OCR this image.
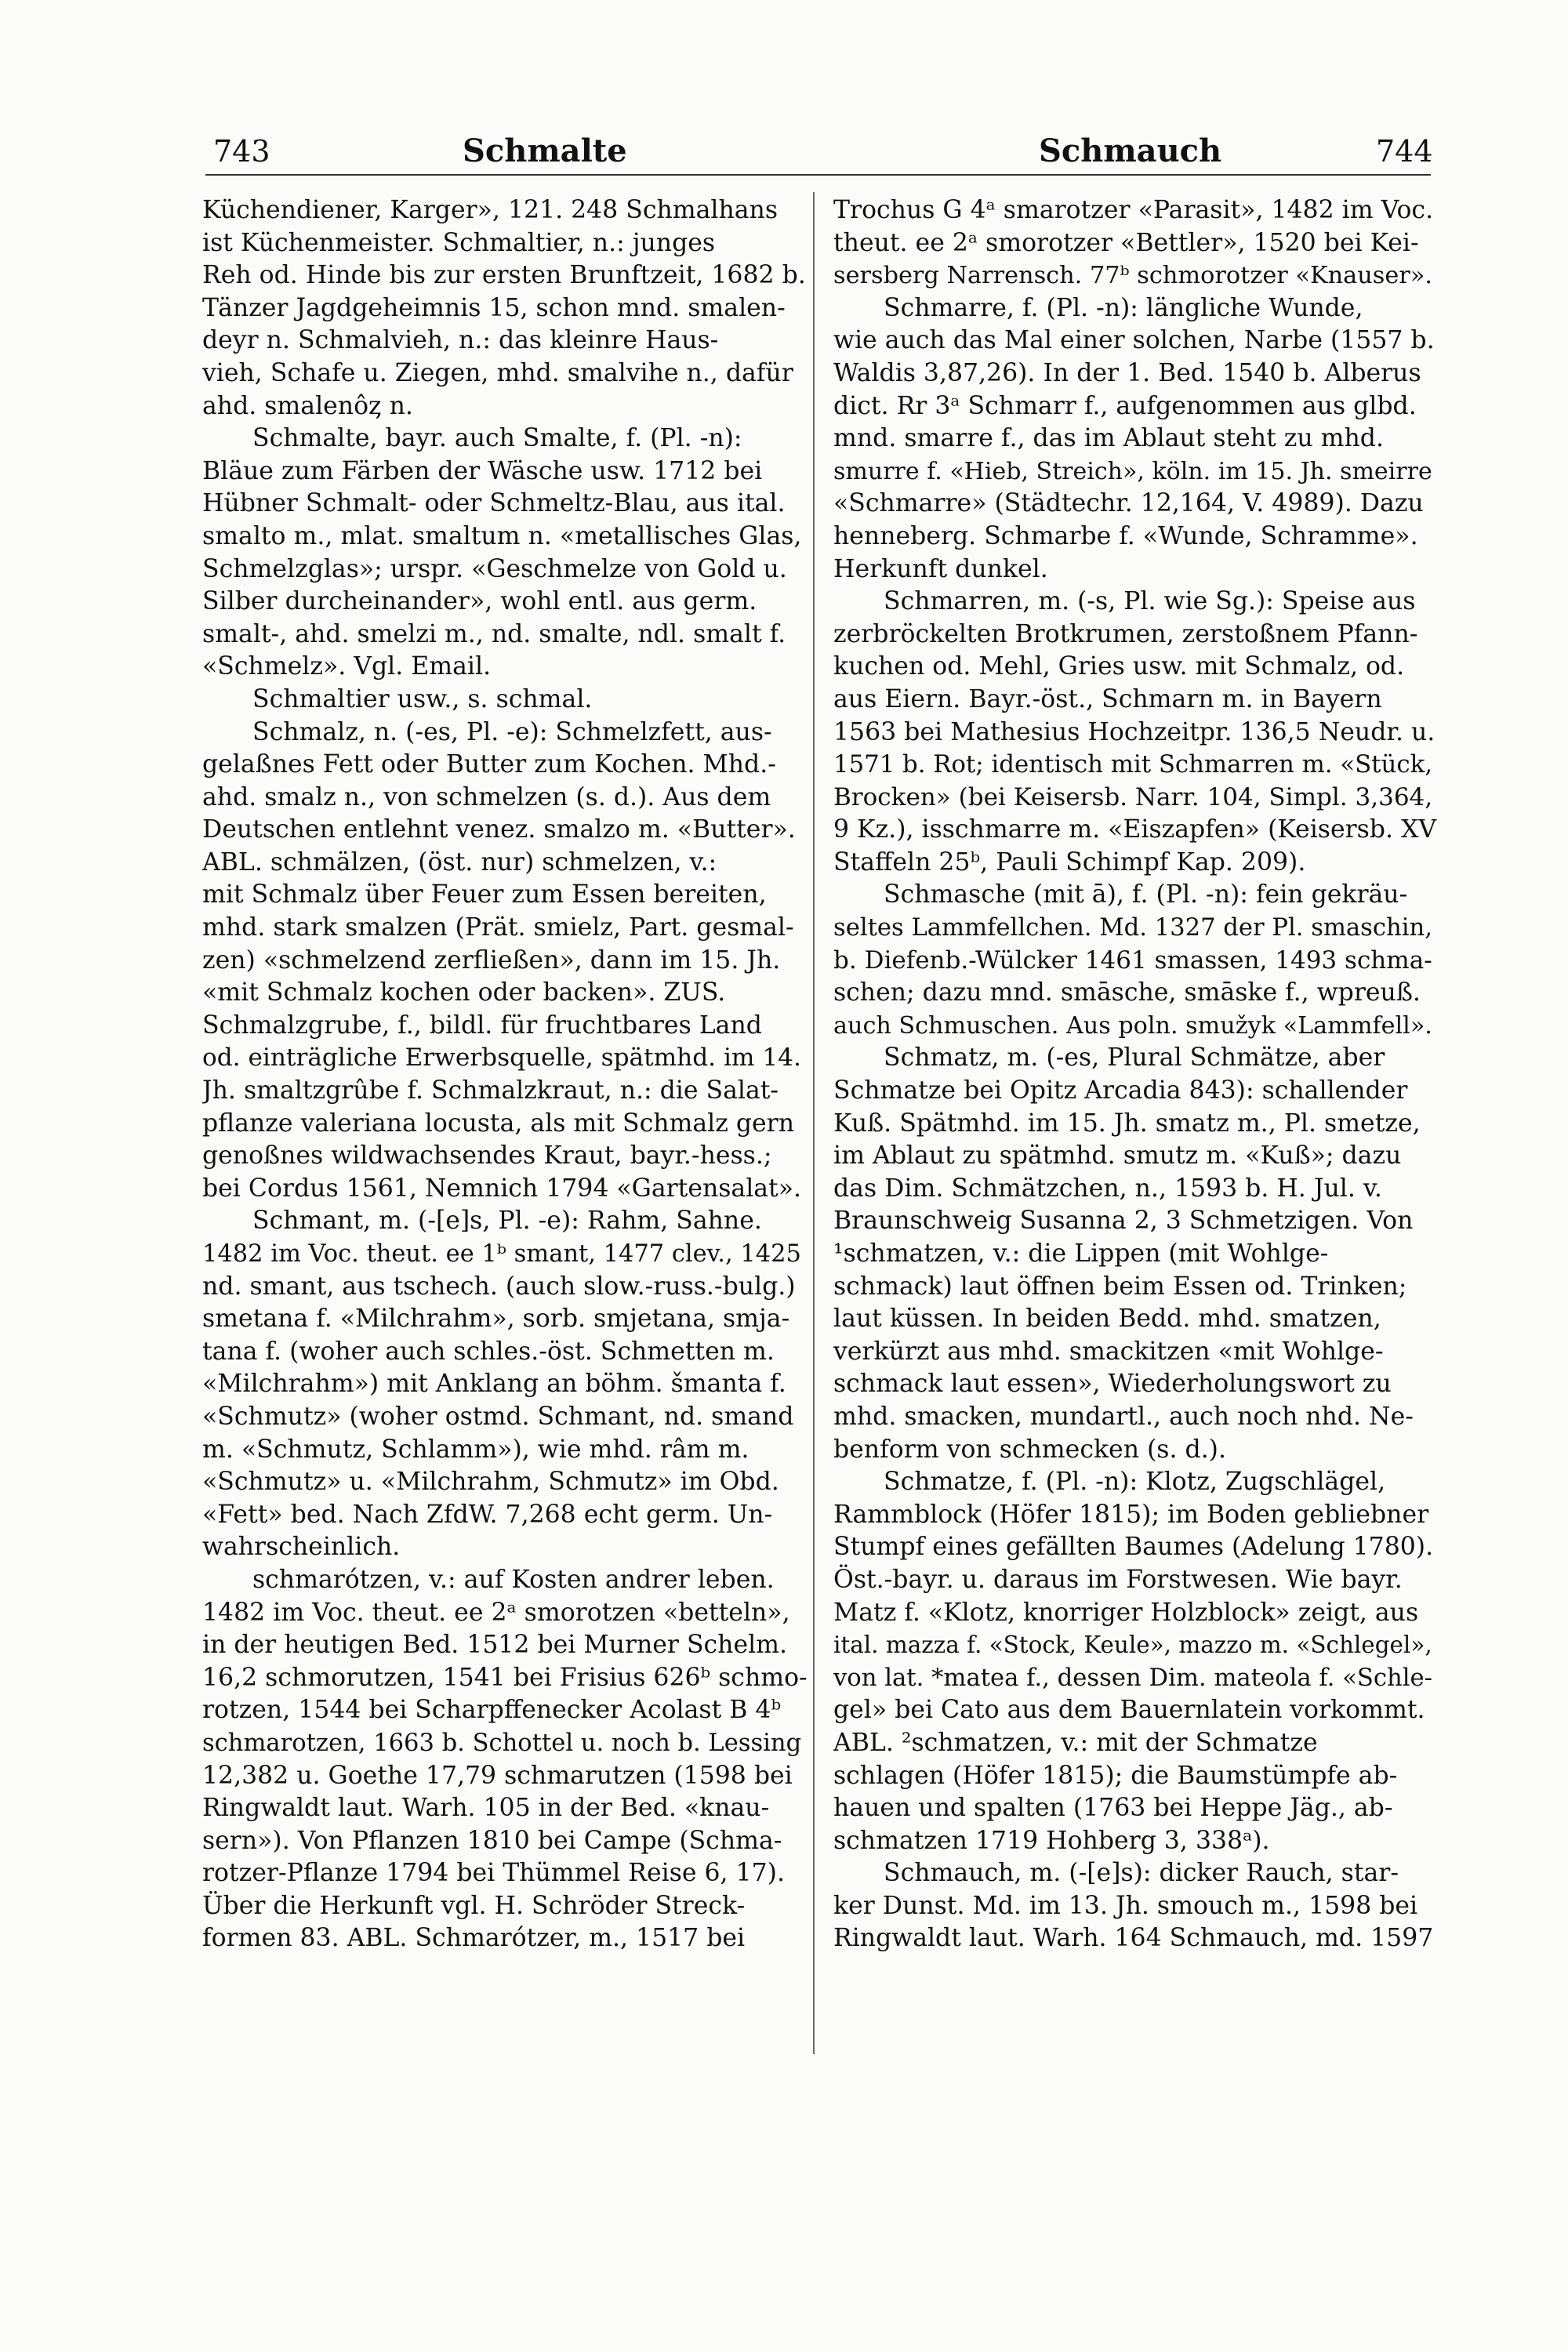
743	Schmalte	Schmauch	744
Küchendiener, Karger», 121. 248 Schmalhans
ist Küchenmeister. Schmaltier, n.: junges
Reh od. Hinde bis zur ersten Brunftzeit, 1682 b.
Tänzer Jagdgeheimnis 15, schon mnd. smalen-
deyr n. Schmalvieh, n.: das kleinre Haus-
vieh, Schafe u. Ziegen, mhd. smalvihe n., dafür
ahd. smalenôȥ n.
Schmalte, bayr. auch Smalte, f. (Pl. -n):
Bläue zum Färben der Wäsche usw. 1712 bei
Hübner Schmalt- oder Schmeltz-Blau, aus ital.
smalto m., mlat. smaltum n. «metallisches Glas,
Schmelzglas»; urspr. «Geschmelze von Gold u.
Silber durcheinander», wohl entl. aus germ.
smalt-, ahd. smelzi m., nd. smalte, ndl. smalt f.
«Schmelz». Vgl. Email.
Schmaltier usw., s. schmal.
Schmalz, n. (-es, Pl. -e): Schmelzfett, aus-
gelaßnes Fett oder Butter zum Kochen. Mhd.-
ahd. smalz n., von schmelzen (s. d.). Aus dem
Deutschen entlehnt venez. smalzo m. «Butter».
ABL. schmälzen, (öst. nur) schmelzen, v.:
mit Schmalz über Feuer zum Essen bereiten,
mhd. stark smalzen (Prät. smielz, Part. gesmal-
zen) «schmelzend zerfließen», dann im 15. Jh.
«mit Schmalz kochen oder backen». ZUS.
Schmalzgrube, f., bildl. für fruchtbares Land
od. einträgliche Erwerbsquelle, spätmhd. im 14.
Jh. smaltzgrûbe f. Schmalzkraut, n.: die Salat-
pflanze valeriana locusta, als mit Schmalz gern
genoßnes wildwachsendes Kraut, bayr.-hess.;
bei Cordus 1561, Nemnich 1794 «Gartensalat».
Schmant, m. (-[e]s, Pl. -e): Rahm, Sahne.
1482 im Voc. theut. ee 1ᵇ smant, 1477 clev., 1425
nd. smant, aus tschech. (auch slow.-russ.-bulg.)
smetana f. «Milchrahm», sorb. smjetana, smja-
tana f. (woher auch schles.-öst. Schmetten m.
«Milchrahm») mit Anklang an böhm. šmanta f.
«Schmutz» (woher ostmd. Schmant, nd. smand
m. «Schmutz, Schlamm»), wie mhd. râm m.
«Schmutz» u. «Milchrahm, Schmutz» im Obd.
«Fett» bed. Nach ZfdW. 7,268 echt germ. Un-
wahrscheinlich.
schmarótzen, v.: auf Kosten andrer leben.
1482 im Voc. theut. ee 2ᵃ smorotzen «betteln»,
in der heutigen Bed. 1512 bei Murner Schelm.
16,2 schmorutzen, 1541 bei Frisius 626ᵇ schmo-
rotzen, 1544 bei Scharpffenecker Acolast B 4ᵇ
schmarotzen, 1663 b. Schottel u. noch b. Lessing
12,382 u. Goethe 17,79 schmarutzen (1598 bei
Ringwaldt laut. Warh. 105 in der Bed. «knau-
sern»). Von Pflanzen 1810 bei Campe (Schma-
rotzer-Pflanze 1794 bei Thümmel Reise 6, 17).
Über die Herkunft vgl. H. Schröder Streck-
formen 83. ABL. Schmarótzer, m., 1517 bei
Trochus G 4ᵃ smarotzer «Parasit», 1482 im Voc.
theut. ee 2ᵃ smorotzer «Bettler», 1520 bei Kei-
sersberg Narrensch. 77ᵇ schmorotzer «Knauser».
Schmarre, f. (Pl. -n): längliche Wunde,
wie auch das Mal einer solchen, Narbe (1557 b.
Waldis 3,87,26). In der 1. Bed. 1540 b. Alberus
dict. Rr 3ᵃ Schmarr f., aufgenommen aus glbd.
mnd. smarre f., das im Ablaut steht zu mhd.
smurre f. «Hieb, Streich», köln. im 15. Jh. smeirre
«Schmarre» (Städtechr. 12,164, V. 4989). Dazu
henneberg. Schmarbe f. «Wunde, Schramme».
Herkunft dunkel.
Schmarren, m. (-s, Pl. wie Sg.): Speise aus
zerbröckelten Brotkrumen, zerstoßnem Pfann-
kuchen od. Mehl, Gries usw. mit Schmalz, od.
aus Eiern. Bayr.-öst., Schmarn m. in Bayern
1563 bei Mathesius Hochzeitpr. 136,5 Neudr. u.
1571 b. Rot; identisch mit Schmarren m. «Stück,
Brocken» (bei Keisersb. Narr. 104, Simpl. 3,364,
9 Kz.), isschmarre m. «Eiszapfen» (Keisersb. XV
Staffeln 25ᵇ, Pauli Schimpf Kap. 209).
Schmasche (mit ā), f. (Pl. -n): fein gekräu-
seltes Lammfellchen. Md. 1327 der Pl. smaschin,
b. Diefenb.-Wülcker 1461 smassen, 1493 schma-
schen; dazu mnd. smāsche, smāske f., wpreuß.
auch Schmuschen. Aus poln. smužyk «Lammfell».
Schmatz, m. (-es, Plural Schmätze, aber
Schmatze bei Opitz Arcadia 843): schallender
Kuß. Spätmhd. im 15. Jh. smatz m., Pl. smetze,
im Ablaut zu spätmhd. smutz m. «Kuß»; dazu
das Dim. Schmätzchen, n., 1593 b. H. Jul. v.
Braunschweig Susanna 2, 3 Schmetzigen. Von
¹schmatzen, v.: die Lippen (mit Wohlge-
schmack) laut öffnen beim Essen od. Trinken;
laut küssen. In beiden Bedd. mhd. smatzen,
verkürzt aus mhd. smackitzen «mit Wohlge-
schmack laut essen», Wiederholungswort zu
mhd. smacken, mundartl., auch noch nhd. Ne-
benform von schmecken (s. d.).
Schmatze, f. (Pl. -n): Klotz, Zugschlägel,
Rammblock (Höfer 1815); im Boden gebliebner
Stumpf eines gefällten Baumes (Adelung 1780).
Öst.-bayr. u. daraus im Forstwesen. Wie bayr.
Matz f. «Klotz, knorriger Holzblock» zeigt, aus
ital. mazza f. «Stock, Keule», mazzo m. «Schlegel»,
von lat. *matea f., dessen Dim. mateola f. «Schle-
gel» bei Cato aus dem Bauernlatein vorkommt.
ABL. ²schmatzen, v.: mit der Schmatze
schlagen (Höfer 1815); die Baumstümpfe ab-
hauen und spalten (1763 bei Heppe Jäg., ab-
schmatzen 1719 Hohberg 3, 338ᵃ).
Schmauch, m. (-[e]s): dicker Rauch, star-
ker Dunst. Md. im 13. Jh. smouch m., 1598 bei
Ringwaldt laut. Warh. 164 Schmauch, md. 1597
